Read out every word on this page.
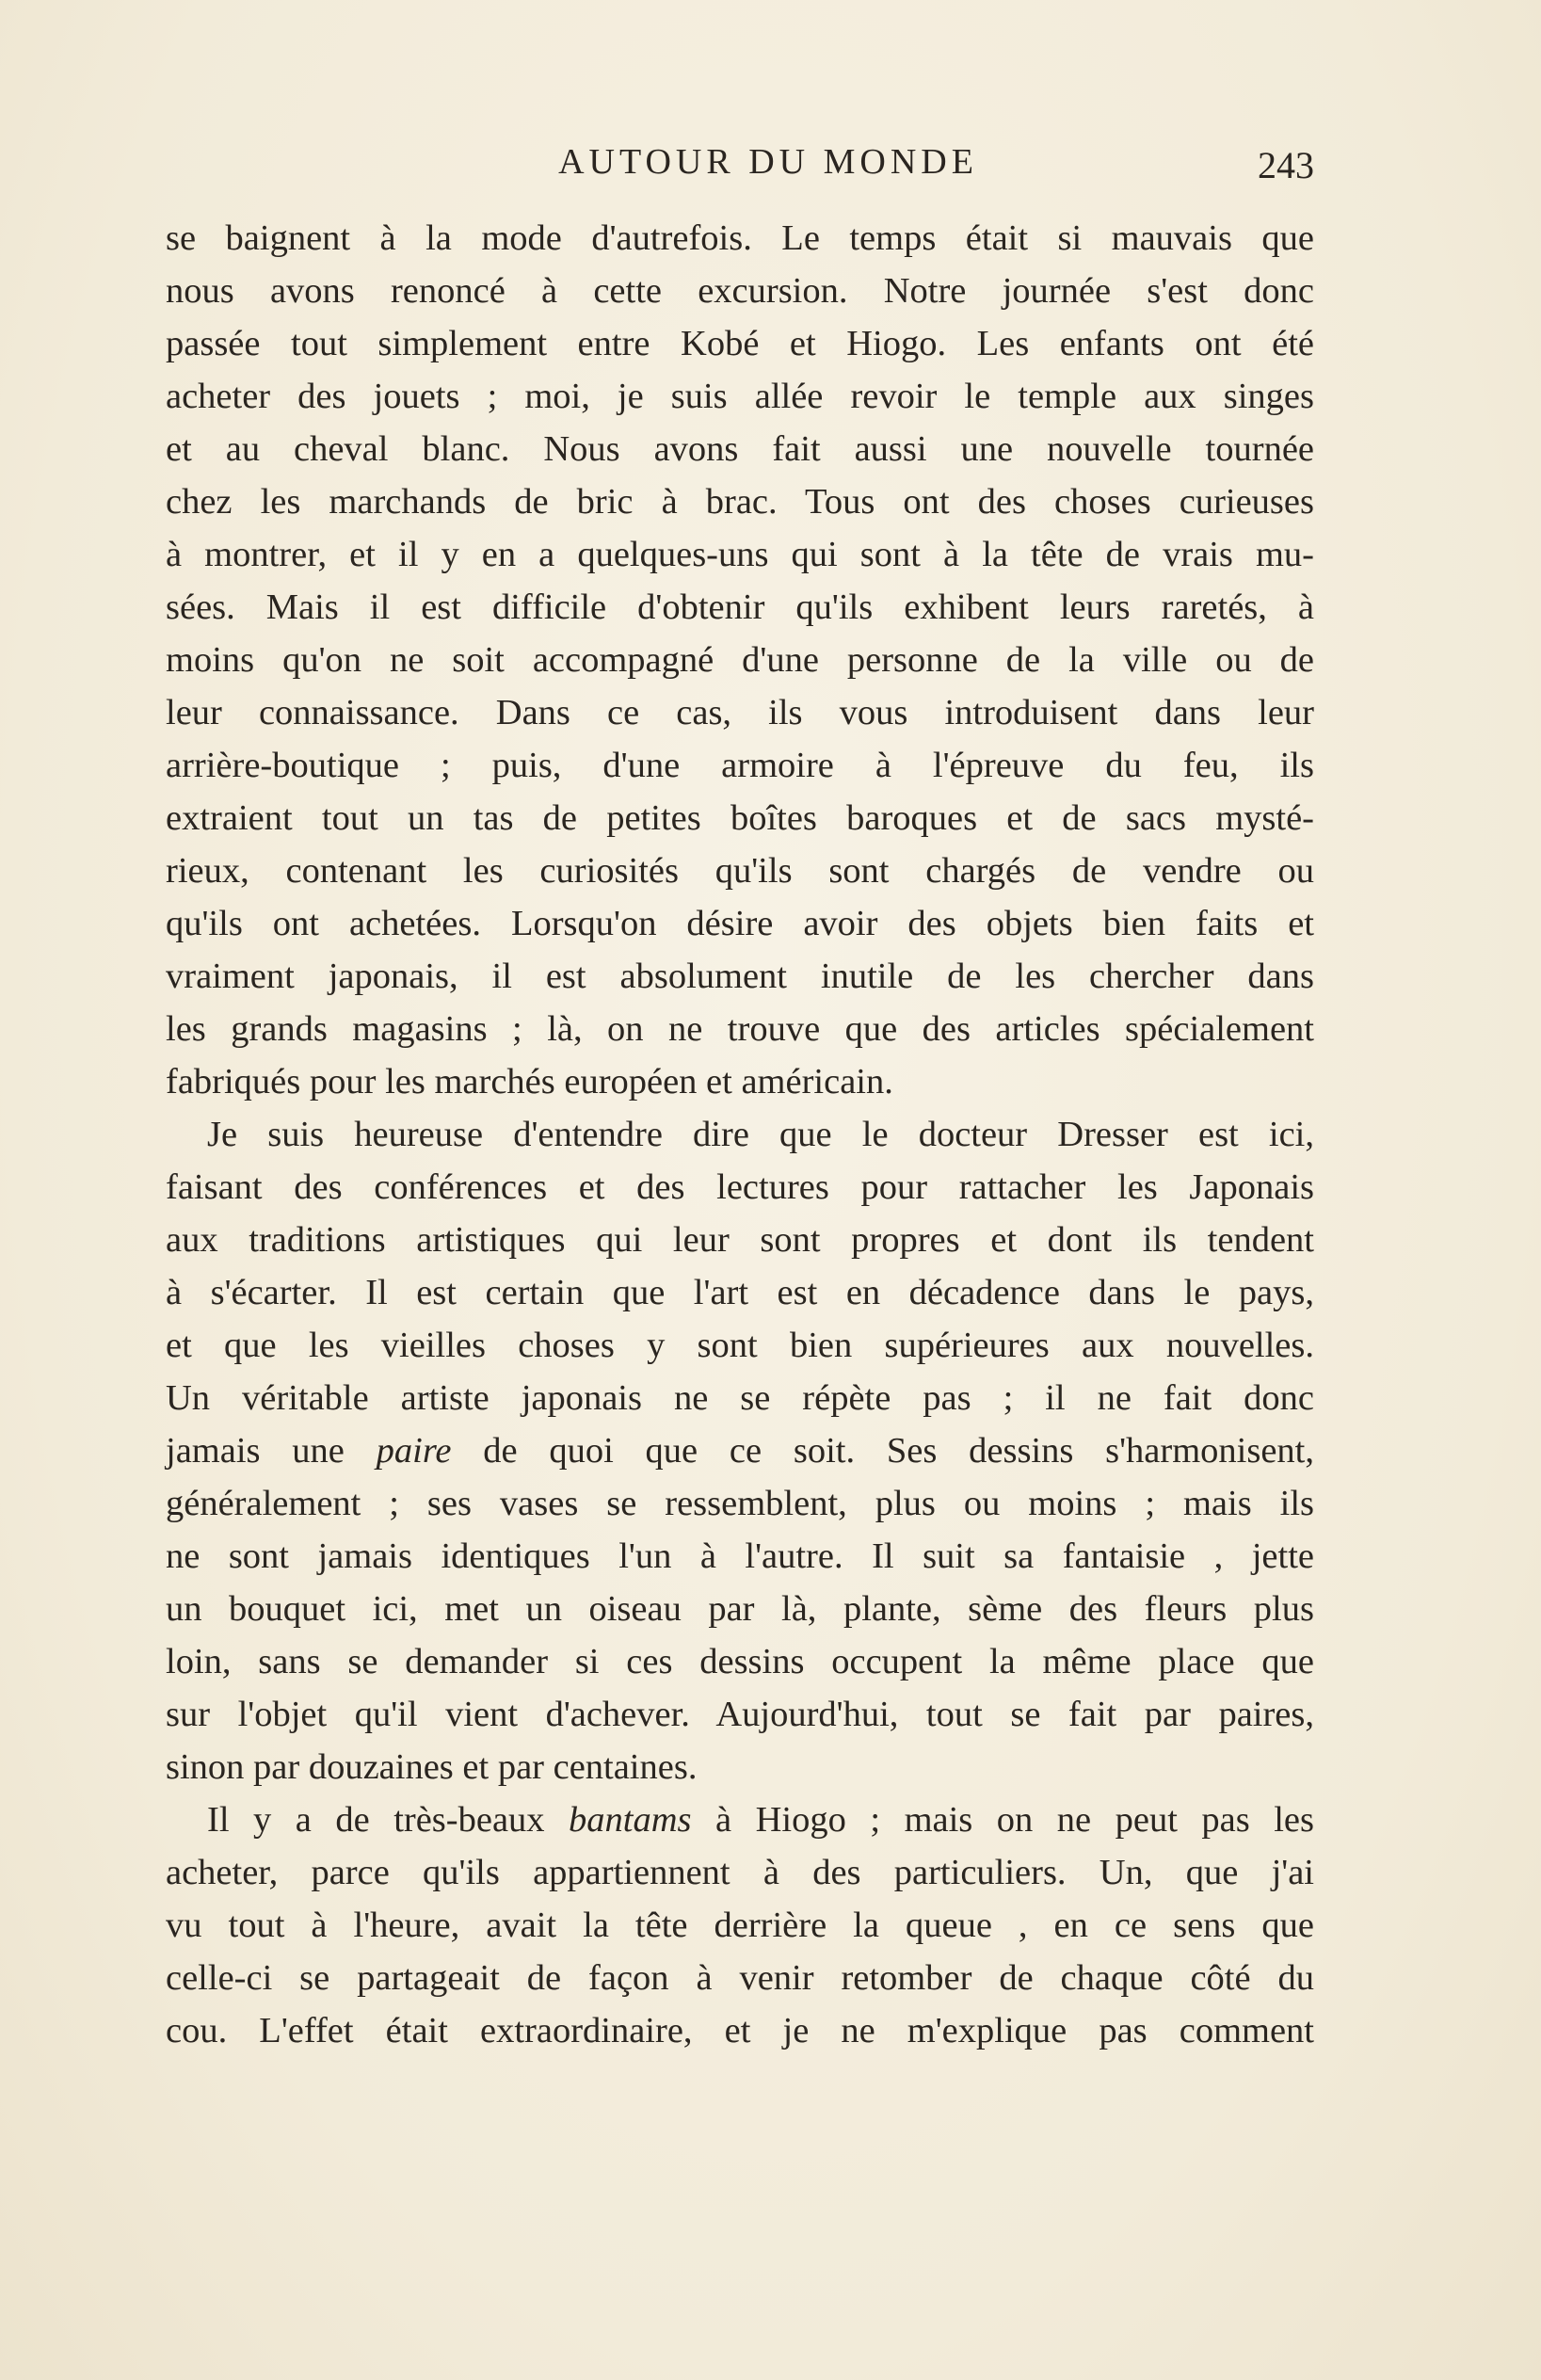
AUTOUR DU MONDE	243
se baignent à la mode d'autrefois. Le temps était si mauvais que
nous avons renoncé à cette excursion. Notre journée s'est donc
passée tout simplement entre Kobé et Hiogo. Les enfants ont été
acheter des jouets ; moi, je suis allée revoir le temple aux singes
et au cheval blanc. Nous avons fait aussi une nouvelle tournée
chez les marchands de bric à brac. Tous ont des choses curieuses
à montrer, et il y en a quelques-uns qui sont à la tête de vrais mu-
sées. Mais il est difficile d'obtenir qu'ils exhibent leurs raretés, à
moins qu'on ne soit accompagné d'une personne de la ville ou de
leur connaissance. Dans ce cas, ils vous introduisent dans leur
arrière-boutique ; puis, d'une armoire à l'épreuve du feu, ils
extraient tout un tas de petites boîtes baroques et de sacs mysté-
rieux, contenant les curiosités qu'ils sont chargés de vendre ou
qu'ils ont achetées. Lorsqu'on désire avoir des objets bien faits et
vraiment japonais, il est absolument inutile de les chercher dans
les grands magasins ; là, on ne trouve que des articles spécialement
fabriqués pour les marchés européen et américain.
Je suis heureuse d'entendre dire que le docteur Dresser est ici,
faisant des conférences et des lectures pour rattacher les Japonais
aux traditions artistiques qui leur sont propres et dont ils tendent
à s'écarter. Il est certain que l'art est en décadence dans le pays,
et que les vieilles choses y sont bien supérieures aux nouvelles.
Un véritable artiste japonais ne se répète pas ; il ne fait donc
jamais une paire de quoi que ce soit. Ses dessins s'harmonisent,
généralement ; ses vases se ressemblent, plus ou moins ; mais ils
ne sont jamais identiques l'un à l'autre. Il suit sa fantaisie , jette
un bouquet ici, met un oiseau par là, plante, sème des fleurs plus
loin, sans se demander si ces dessins occupent la même place que
sur l'objet qu'il vient d'achever. Aujourd'hui, tout se fait par paires,
sinon par douzaines et par centaines.
Il y a de très-beaux bantams à Hiogo ; mais on ne peut pas les
acheter, parce qu'ils appartiennent à des particuliers. Un, que j'ai
vu tout à l'heure, avait la tête derrière la queue , en ce sens que
celle-ci se partageait de façon à venir retomber de chaque côté du
cou. L'effet était extraordinaire, et je ne m'explique pas comment
